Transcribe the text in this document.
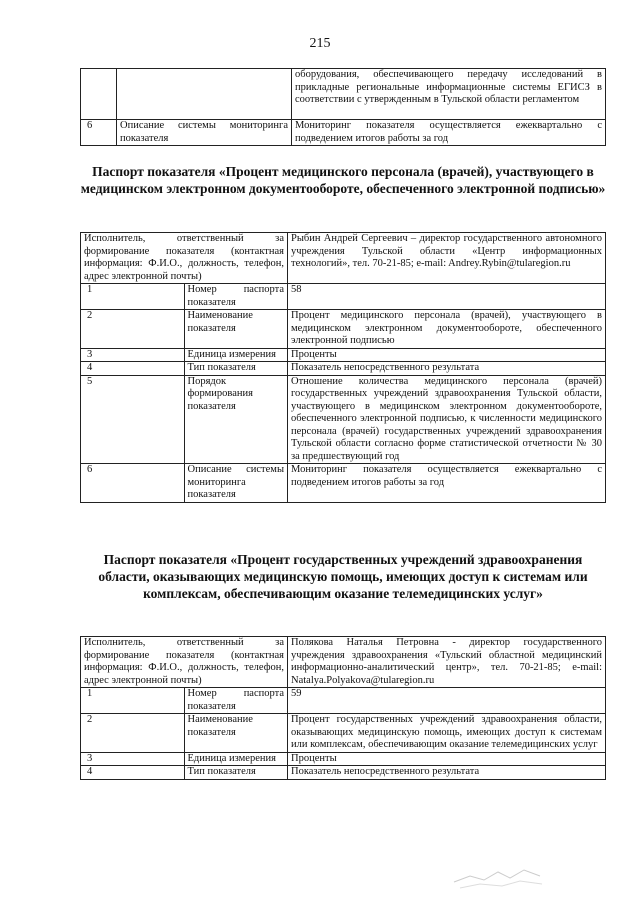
215
		оборудования, обеспечивающего передачу исследований в прикладные региональные информационные системы ЕГИСЗ в соответствии с утвержденным в Тульской области регламентом
6	Описание системы мониторинга показателя	Мониторинг показателя осуществляется ежеквартально с подведением итогов работы за год
Паспорт показателя «Процент медицинского персонала (врачей), участвующего в медицинском электронном документообороте, обеспеченного электронной подписью»
Исполнитель, ответственный за формирование показателя (контактная информация: Ф.И.О., должность, телефон, адрес электронной почты)		Рыбин Андрей Сергеевич – директор государственного автономного учреждения Тульской области «Центр информационных технологий», тел. 70-21-85; e-mail: Andrey.Rybin@tularegion.ru
1	Номер паспорта показателя	58
2	Наименование показателя	Процент медицинского персонала (врачей), участвующего в медицинском электронном документообороте, обеспеченного электронной подписью
3	Единица измерения	Проценты
4	Тип показателя	Показатель непосредственного результата
5	Порядок формирования показателя	Отношение количества медицинского персонала (врачей) государственных учреждений здравоохранения Тульской области, участвующего в медицинском электронном документообороте, обеспеченного электронной подписью, к численности медицинского персонала (врачей) государственных учреждений здравоохранения Тульской области согласно форме статистической отчетности № 30 за предшествующий год
6	Описание системы мониторинга показателя	Мониторинг показателя осуществляется ежеквартально с подведением итогов работы за год
Паспорт показателя «Процент государственных учреждений здравоохранения области, оказывающих медицинскую помощь, имеющих доступ к системам или комплексам, обеспечивающим оказание телемедицинских услуг»
Исполнитель, ответственный за формирование показателя (контактная информация: Ф.И.О., должность, телефон, адрес электронной почты)		Полякова Наталья Петровна - директор государственного учреждения здравоохранения «Тульский областной медицинский информационно-аналитический центр», тел. 70-21-85; e-mail: Natalya.Polyakova@tularegion.ru
1	Номер паспорта показателя	59
2	Наименование показателя	Процент государственных учреждений здравоохранения области, оказывающих медицинскую помощь, имеющих доступ к системам или комплексам, обеспечивающим оказание телемедицинских услуг
3	Единица измерения	Проценты
4	Тип показателя	Показатель непосредственного результата
